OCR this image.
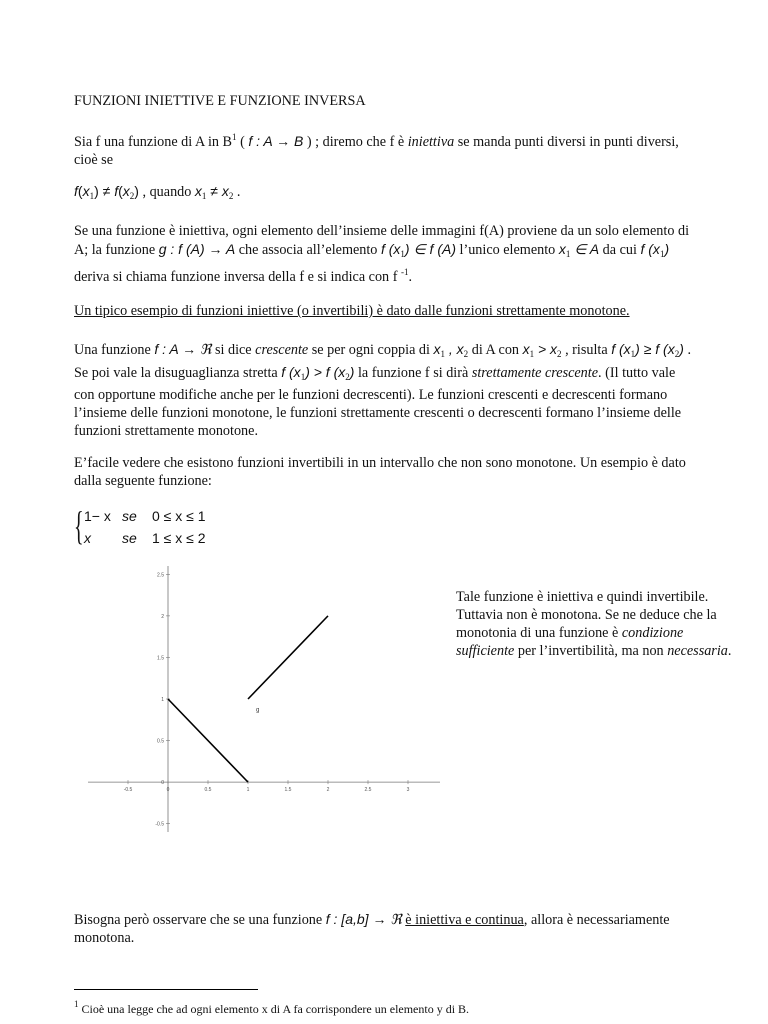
FUNZIONI INIETTIVE E FUNZIONE INVERSA

Sia f una funzione di A in $B^1$ ( f : A → B ) ; diremo che f è iniettiva se manda punti diversi in punti diversi, cioè se

$f(x_1) \ne f(x_2)$ , quando $x_1 \ne x_2$ .

Se una funzione è iniettiva, ogni elemento dell’insieme delle immagini f(A) proviene da un solo elemento di A; la funzione g : f (A) → A che associa all’elemento f $(x_1)$ ∈ f (A) l’unico elemento $x_1$ ∈ A da cui f $(x_1)$ deriva si chiama funzione inversa della f e si indica con f $^{-1}$.

Un tipico esempio di funzioni iniettive (o invertibili) è dato dalle funzioni strettamente monotone.

Una funzione f : A → ℜ si dice crescente se per ogni coppia di $x_1$ , $x_2$ di A con $x_1 > x_2$ , risulta f $(x_1) \ge f$ $(x_2)$ . Se poi vale la disuguaglianza stretta f $(x_1) > f$ $(x_2)$ la funzione f si dirà strettamente crescente. (Il tutto vale con opportune modifiche anche per le funzioni decrescenti). Le funzioni crescenti e decrescenti formano l’insieme delle funzioni monotone, le funzioni strettamente crescenti o decrescenti formano l’insieme delle funzioni strettamente monotone.

E’facile vedere che esistono funzioni invertibili in un intervallo che non sono monotone. Un esempio è dato dalla seguente funzione:

{ 1− x se 0 ≤ x ≤ 1
x se 1 ≤ x ≤ 2
-0.5	0	0.5	1	1.5	2	2.5	3
-0.5
0
0.5
1
1.5
2
2.5
g

Tale funzione è iniettiva e quindi invertibile. Tuttavia non è monotona. Se ne deduce che la monotonia di una funzione è condizione sufficiente per l’invertibilità, ma non necessaria.

Bisogna però osservare che se una funzione f : [a,b] → ℜ è iniettiva e continua, allora è necessariamente monotona.

$^1$ Cioè una legge che ad ogni elemento x di A fa corrispondere un elemento y di B.
